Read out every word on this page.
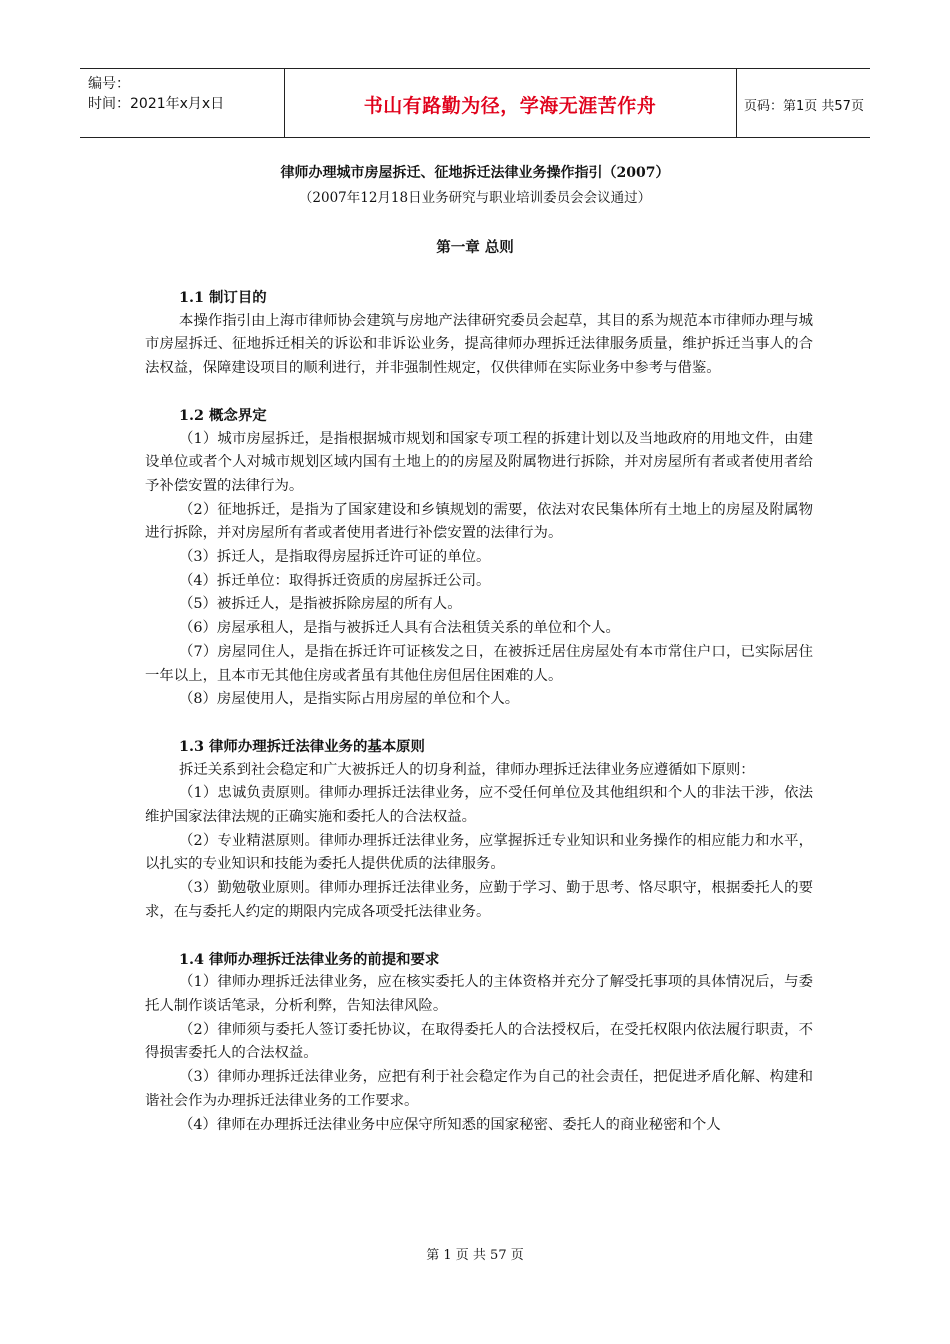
编号：
时间：2021年x月x日	书山有路勤为径，学海无涯苦作舟	页码：第1页 共57页
律师办理城市房屋拆迁、征地拆迁法律业务操作指引（2007）
（2007年12月18日业务研究与职业培训委员会会议通过）
第一章 总则

1.1 制订目的

本操作指引由上海市律师协会建筑与房地产法律研究委员会起草，其目的系为规范本市律师办理与城市房屋拆迁、征地拆迁相关的诉讼和非诉讼业务，提高律师办理拆迁法律服务质量，维护拆迁当事人的合法权益，保障建设项目的顺利进行，并非强制性规定，仅供律师在实际业务中参考与借鉴。

1.2 概念界定

（1）城市房屋拆迁，是指根据城市规划和国家专项工程的拆建计划以及当地政府的用地文件，由建设单位或者个人对城市规划区域内国有土地上的的房屋及附属物进行拆除，并对房屋所有者或者使用者给予补偿安置的法律行为。

（2）征地拆迁，是指为了国家建设和乡镇规划的需要，依法对农民集体所有土地上的房屋及附属物进行拆除，并对房屋所有者或者使用者进行补偿安置的法律行为。

（3）拆迁人，是指取得房屋拆迁许可证的单位。

（4）拆迁单位：取得拆迁资质的房屋拆迁公司。

（5）被拆迁人，是指被拆除房屋的所有人。

（6）房屋承租人，是指与被拆迁人具有合法租赁关系的单位和个人。

（7）房屋同住人，是指在拆迁许可证核发之日，在被拆迁居住房屋处有本市常住户口，已实际居住一年以上，且本市无其他住房或者虽有其他住房但居住困难的人。

（8）房屋使用人，是指实际占用房屋的单位和个人。

1.3 律师办理拆迁法律业务的基本原则

拆迁关系到社会稳定和广大被拆迁人的切身利益，律师办理拆迁法律业务应遵循如下原则：

（1）忠诚负责原则。律师办理拆迁法律业务，应不受任何单位及其他组织和个人的非法干涉，依法维护国家法律法规的正确实施和委托人的合法权益。

（2）专业精湛原则。律师办理拆迁法律业务，应掌握拆迁专业知识和业务操作的相应能力和水平，以扎实的专业知识和技能为委托人提供优质的法律服务。

（3）勤勉敬业原则。律师办理拆迁法律业务，应勤于学习、勤于思考、恪尽职守，根据委托人的要求，在与委托人约定的期限内完成各项受托法律业务。

1.4 律师办理拆迁法律业务的前提和要求

（1）律师办理拆迁法律业务，应在核实委托人的主体资格并充分了解受托事项的具体情况后，与委托人制作谈话笔录，分析利弊，告知法律风险。

（2）律师须与委托人签订委托协议，在取得委托人的合法授权后，在受托权限内依法履行职责，不得损害委托人的合法权益。

（3）律师办理拆迁法律业务，应把有利于社会稳定作为自己的社会责任，把促进矛盾化解、构建和谐社会作为办理拆迁法律业务的工作要求。

（4）律师在办理拆迁法律业务中应保守所知悉的国家秘密、委托人的商业秘密和个人

第 1 页 共 57 页
